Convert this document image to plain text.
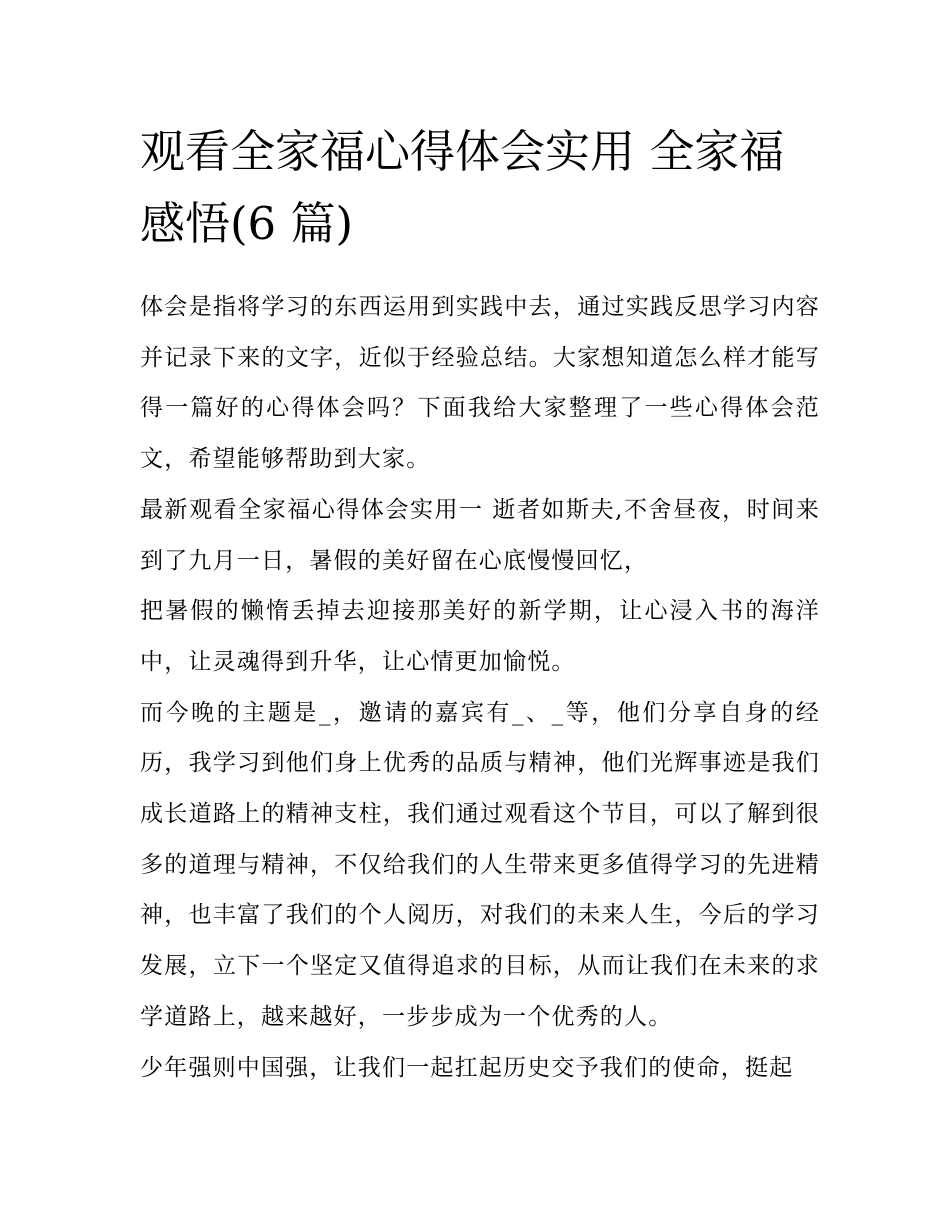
观看全家福心得体会实用 全家福感悟(6 篇)

体会是指将学习的东西运用到实践中去，通过实践反思学习内容并记录下来的文字，近似于经验总结。大家想知道怎么样才能写得一篇好的心得体会吗？下面我给大家整理了一些心得体会范文，希望能够帮助到大家。

最新观看全家福心得体会实用一 逝者如斯夫,不舍昼夜，时间来到了九月一日，暑假的美好留在心底慢慢回忆，

把暑假的懒惰丢掉去迎接那美好的新学期，让心浸入书的海洋中，让灵魂得到升华，让心情更加愉悦。

而今晚的主题是_，邀请的嘉宾有_、_等，他们分享自身的经历，我学习到他们身上优秀的品质与精神，他们光辉事迹是我们成长道路上的精神支柱，我们通过观看这个节目，可以了解到很多的道理与精神，不仅给我们的人生带来更多值得学习的先进精神，也丰富了我们的个人阅历，对我们的未来人生，今后的学习发展，立下一个坚定又值得追求的目标，从而让我们在未来的求学道路上，越来越好，一步步成为一个优秀的人。

少年强则中国强，让我们一起扛起历史交予我们的使命，挺起
